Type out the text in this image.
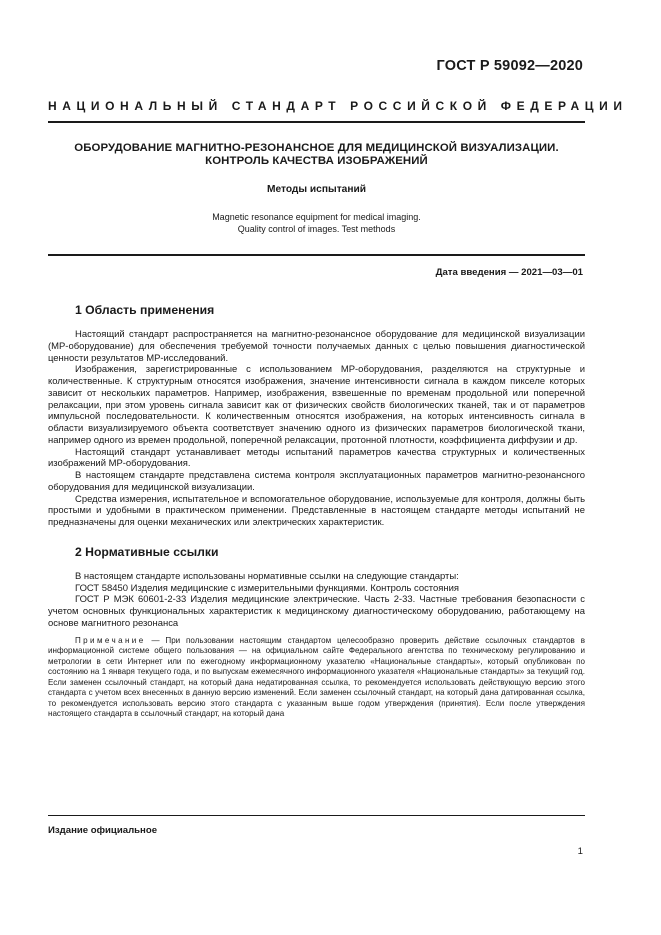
ГОСТ Р 59092—2020
НАЦИОНАЛЬНЫЙ СТАНДАРТ РОССИЙСКОЙ ФЕДЕРАЦИИ
ОБОРУДОВАНИЕ МАГНИТНО-РЕЗОНАНСНОЕ ДЛЯ МЕДИЦИНСКОЙ ВИЗУАЛИЗАЦИИ.
КОНТРОЛЬ КАЧЕСТВА ИЗОБРАЖЕНИЙ
Методы испытаний
Magnetic resonance equipment for medical imaging.
Quality control of images. Test methods
Дата введения — 2021—03—01
1 Область применения

Настоящий стандарт распространяется на магнитно-резонансное оборудование для медицинской визуализации (МР-оборудование) для обеспечения требуемой точности получаемых данных с целью повышения диагностической ценности результатов МР-исследований.

Изображения, зарегистрированные с использованием МР-оборудования, разделяются на структурные и количественные. К структурным относятся изображения, значение интенсивности сигнала в каждом пикселе которых зависит от нескольких параметров. Например, изображения, взвешенные по временам продольной или поперечной релаксации, при этом уровень сигнала зависит как от физических свойств биологических тканей, так и от параметров импульсной последовательности. К количественным относятся изображения, на которых интенсивность сигнала в области визуализируемого объекта соответствует значению одного из физических параметров биологической ткани, например одного из времен продольной, поперечной релаксации, протонной плотности, коэффициента диффузии и др.

Настоящий стандарт устанавливает методы испытаний параметров качества структурных и количественных изображений МР-оборудования.

В настоящем стандарте представлена система контроля эксплуатационных параметров магнитно-резонансного оборудования для медицинской визуализации.

Средства измерения, испытательное и вспомогательное оборудование, используемые для контроля, должны быть простыми и удобными в практическом применении. Представленные в настоящем стандарте методы испытаний не предназначены для оценки механических или электрических характеристик.

2 Нормативные ссылки

В настоящем стандарте использованы нормативные ссылки на следующие стандарты:

ГОСТ 58450 Изделия медицинские с измерительными функциями. Контроль состояния

ГОСТ Р МЭК 60601-2-33 Изделия медицинские электрические. Часть 2-33. Частные требования безопасности с учетом основных функциональных характеристик к медицинскому диагностическому оборудованию, работающему на основе магнитного резонанса

Примечание — При пользовании настоящим стандартом целесообразно проверить действие ссылочных стандартов в информационной системе общего пользования — на официальном сайте Федерального агентства по техническому регулированию и метрологии в сети Интернет или по ежегодному информационному указателю «Национальные стандарты», который опубликован по состоянию на 1 января текущего года, и по выпускам ежемесячного информационного указателя «Национальные стандарты» за текущий год. Если заменен ссылочный стандарт, на который дана недатированная ссылка, то рекомендуется использовать действующую версию этого стандарта с учетом всех внесенных в данную версию изменений. Если заменен ссылочный стандарт, на который дана датированная ссылка, то рекомендуется использовать версию этого стандарта с указанным выше годом утверждения (принятия). Если после утверждения настоящего стандарта в ссылочный стандарт, на который дана

Издание официальное
1
